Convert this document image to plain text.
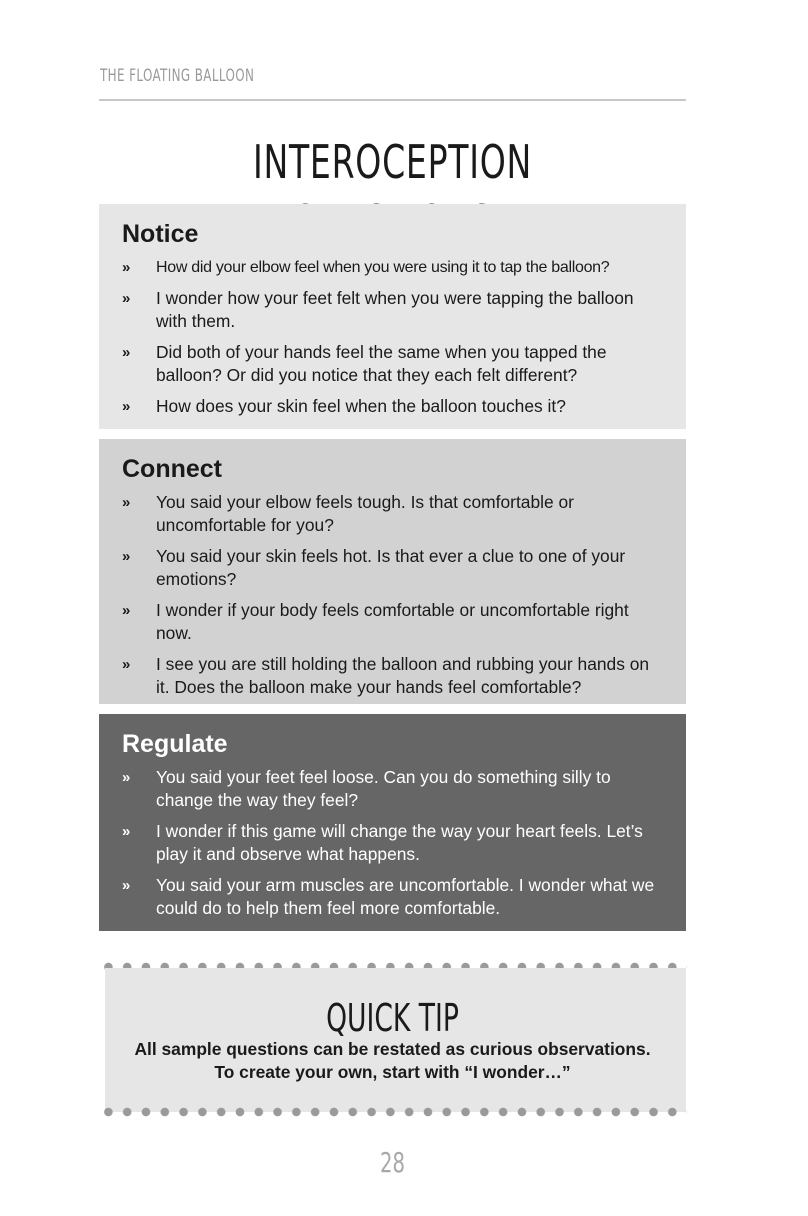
THE FLOATING BALLOON
INTEROCEPTION
Notice
» How did your elbow feel when you were using it to tap the balloon?
» I wonder how your feet felt when you were tapping the balloon with them.
» Did both of your hands feel the same when you tapped the balloon? Or did you notice that they each felt different?
» How does your skin feel when the balloon touches it?
Connect
» You said your elbow feels tough. Is that comfortable or uncomfortable for you?
» You said your skin feels hot. Is that ever a clue to one of your emotions?
» I wonder if your body feels comfortable or uncomfortable right now.
» I see you are still holding the balloon and rubbing your hands on it. Does the balloon make your hands feel comfortable?
Regulate
» You said your feet feel loose. Can you do something silly to change the way they feel?
» I wonder if this game will change the way your heart feels. Let’s play it and observe what happens.
» You said your arm muscles are uncomfortable. I wonder what we could do to help them feel more comfortable.
QUICK TIP
All sample questions can be restated as curious observations.
To create your own, start with “I wonder…”
28
